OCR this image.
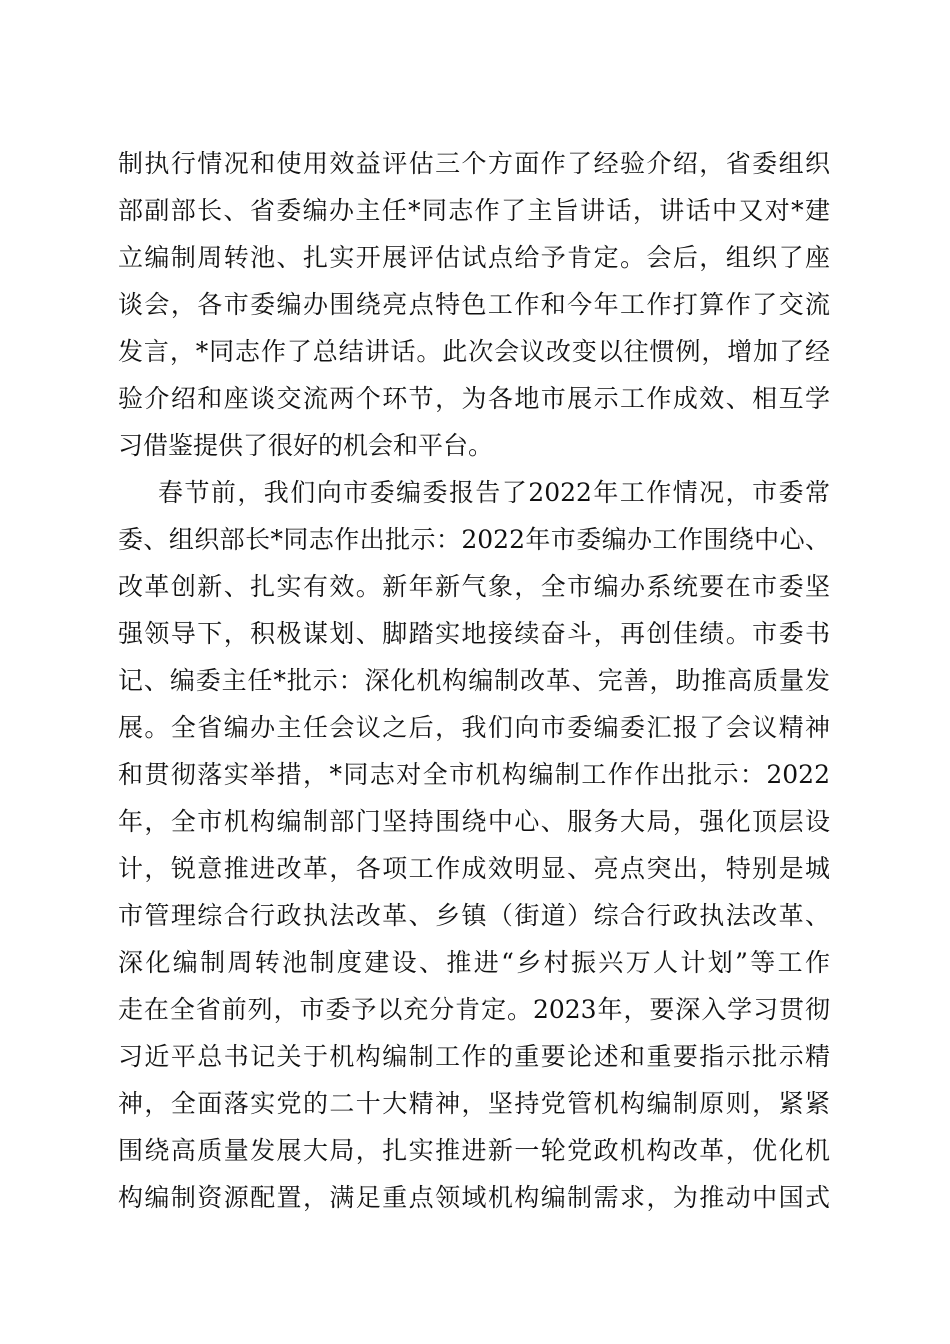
制执行情况和使用效益评估三个方面作了经验介绍，省委组织
部副部长、省委编办主任*同志作了主旨讲话，讲话中又对*建
立编制周转池、扎实开展评估试点给予肯定。会后，组织了座
谈会，各市委编办围绕亮点特色工作和今年工作打算作了交流
发言，*同志作了总结讲话。此次会议改变以往惯例，增加了经
验介绍和座谈交流两个环节，为各地市展示工作成效、相互学
习借鉴提供了很好的机会和平台。
春节前，我们向市委编委报告了2022年工作情况，市委常
委、组织部长*同志作出批示：2022年市委编办工作围绕中心、
改革创新、扎实有效。新年新气象，全市编办系统要在市委坚
强领导下，积极谋划、脚踏实地接续奋斗，再创佳绩。市委书
记、编委主任*批示：深化机构编制改革、完善，助推高质量发
展。全省编办主任会议之后，我们向市委编委汇报了会议精神
和贯彻落实举措，*同志对全市机构编制工作作出批示：2022
年，全市机构编制部门坚持围绕中心、服务大局，强化顶层设
计，锐意推进改革，各项工作成效明显、亮点突出，特别是城
市管理综合行政执法改革、乡镇（街道）综合行政执法改革、
深化编制周转池制度建设、推进“乡村振兴万人计划”等工作
走在全省前列，市委予以充分肯定。2023年，要深入学习贯彻
习近平总书记关于机构编制工作的重要论述和重要指示批示精
神，全面落实党的二十大精神，坚持党管机构编制原则，紧紧
围绕高质量发展大局，扎实推进新一轮党政机构改革，优化机
构编制资源配置，满足重点领域机构编制需求，为推动中国式
